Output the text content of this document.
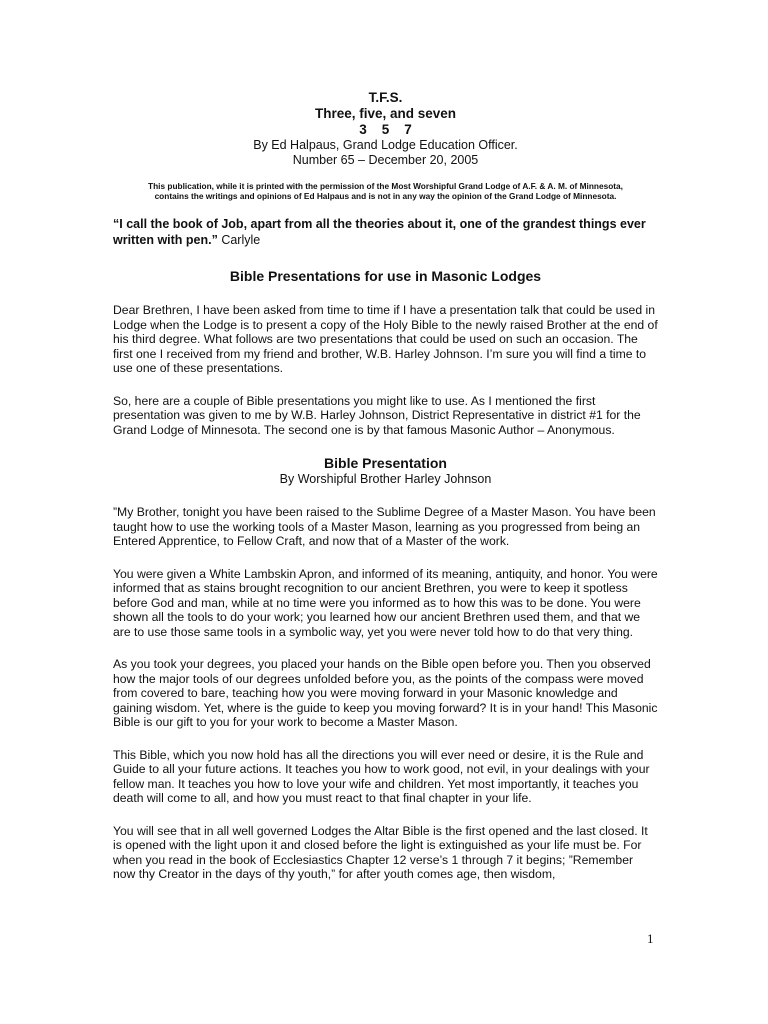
T.F.S.
Three, five, and seven
3    5    7
By Ed Halpaus, Grand Lodge Education Officer.
Number 65 – December 20, 2005
This publication, while it is printed with the permission of the Most Worshipful Grand Lodge of A.F. & A. M. of Minnesota,
contains the writings and opinions of Ed Halpaus and is not in any way the opinion of the Grand Lodge of Minnesota.
“I call the book of Job, apart from all the theories about it, one of the grandest things ever written with pen.” Carlyle
Bible Presentations for use in Masonic Lodges

Dear Brethren, I have been asked from time to time if I have a presentation talk that could be used in Lodge when the Lodge is to present a copy of the Holy Bible to the newly raised Brother at the end of his third degree. What follows are two presentations that could be used on such an occasion. The first one I received from my friend and brother, W.B. Harley Johnson. I’m sure you will find a time to use one of these presentations.

So, here are a couple of Bible presentations you might like to use. As I mentioned the first presentation was given to me by W.B. Harley Johnson, District Representative in district #1 for the Grand Lodge of Minnesota. The second one is by that famous Masonic Author – Anonymous.

Bible Presentation
By Worshipful Brother Harley Johnson

”My Brother, tonight you have been raised to the Sublime Degree of a Master Mason. You have been taught how to use the working tools of a Master Mason, learning as you progressed from being an Entered Apprentice, to Fellow Craft, and now that of a Master of the work.

You were given a White Lambskin Apron, and informed of its meaning, antiquity, and honor. You were informed that as stains brought recognition to our ancient Brethren, you were to keep it spotless before God and man, while at no time were you informed as to how this was to be done. You were shown all the tools to do your work; you learned how our ancient Brethren used them, and that we are to use those same tools in a symbolic way, yet you were never told how to do that very thing.

As you took your degrees, you placed your hands on the Bible open before you. Then you observed how the major tools of our degrees unfolded before you, as the points of the compass were moved from covered to bare, teaching how you were moving forward in your Masonic knowledge and gaining wisdom. Yet, where is the guide to keep you moving forward? It is in your hand! This Masonic Bible is our gift to you for your work to become a Master Mason.

This Bible, which you now hold has all the directions you will ever need or desire, it is the Rule and Guide to all your future actions. It teaches you how to work good, not evil, in your dealings with your fellow man. It teaches you how to love your wife and children. Yet most importantly, it teaches you death will come to all, and how you must react to that final chapter in your life.

You will see that in all well governed Lodges the Altar Bible is the first opened and the last closed. It is opened with the light upon it and closed before the light is extinguished as your life must be. For when you read in the book of Ecclesiastics Chapter 12 verse’s 1 through 7 it begins; ”Remember now thy Creator in the days of thy youth,” for after youth comes age, then wisdom,

1
